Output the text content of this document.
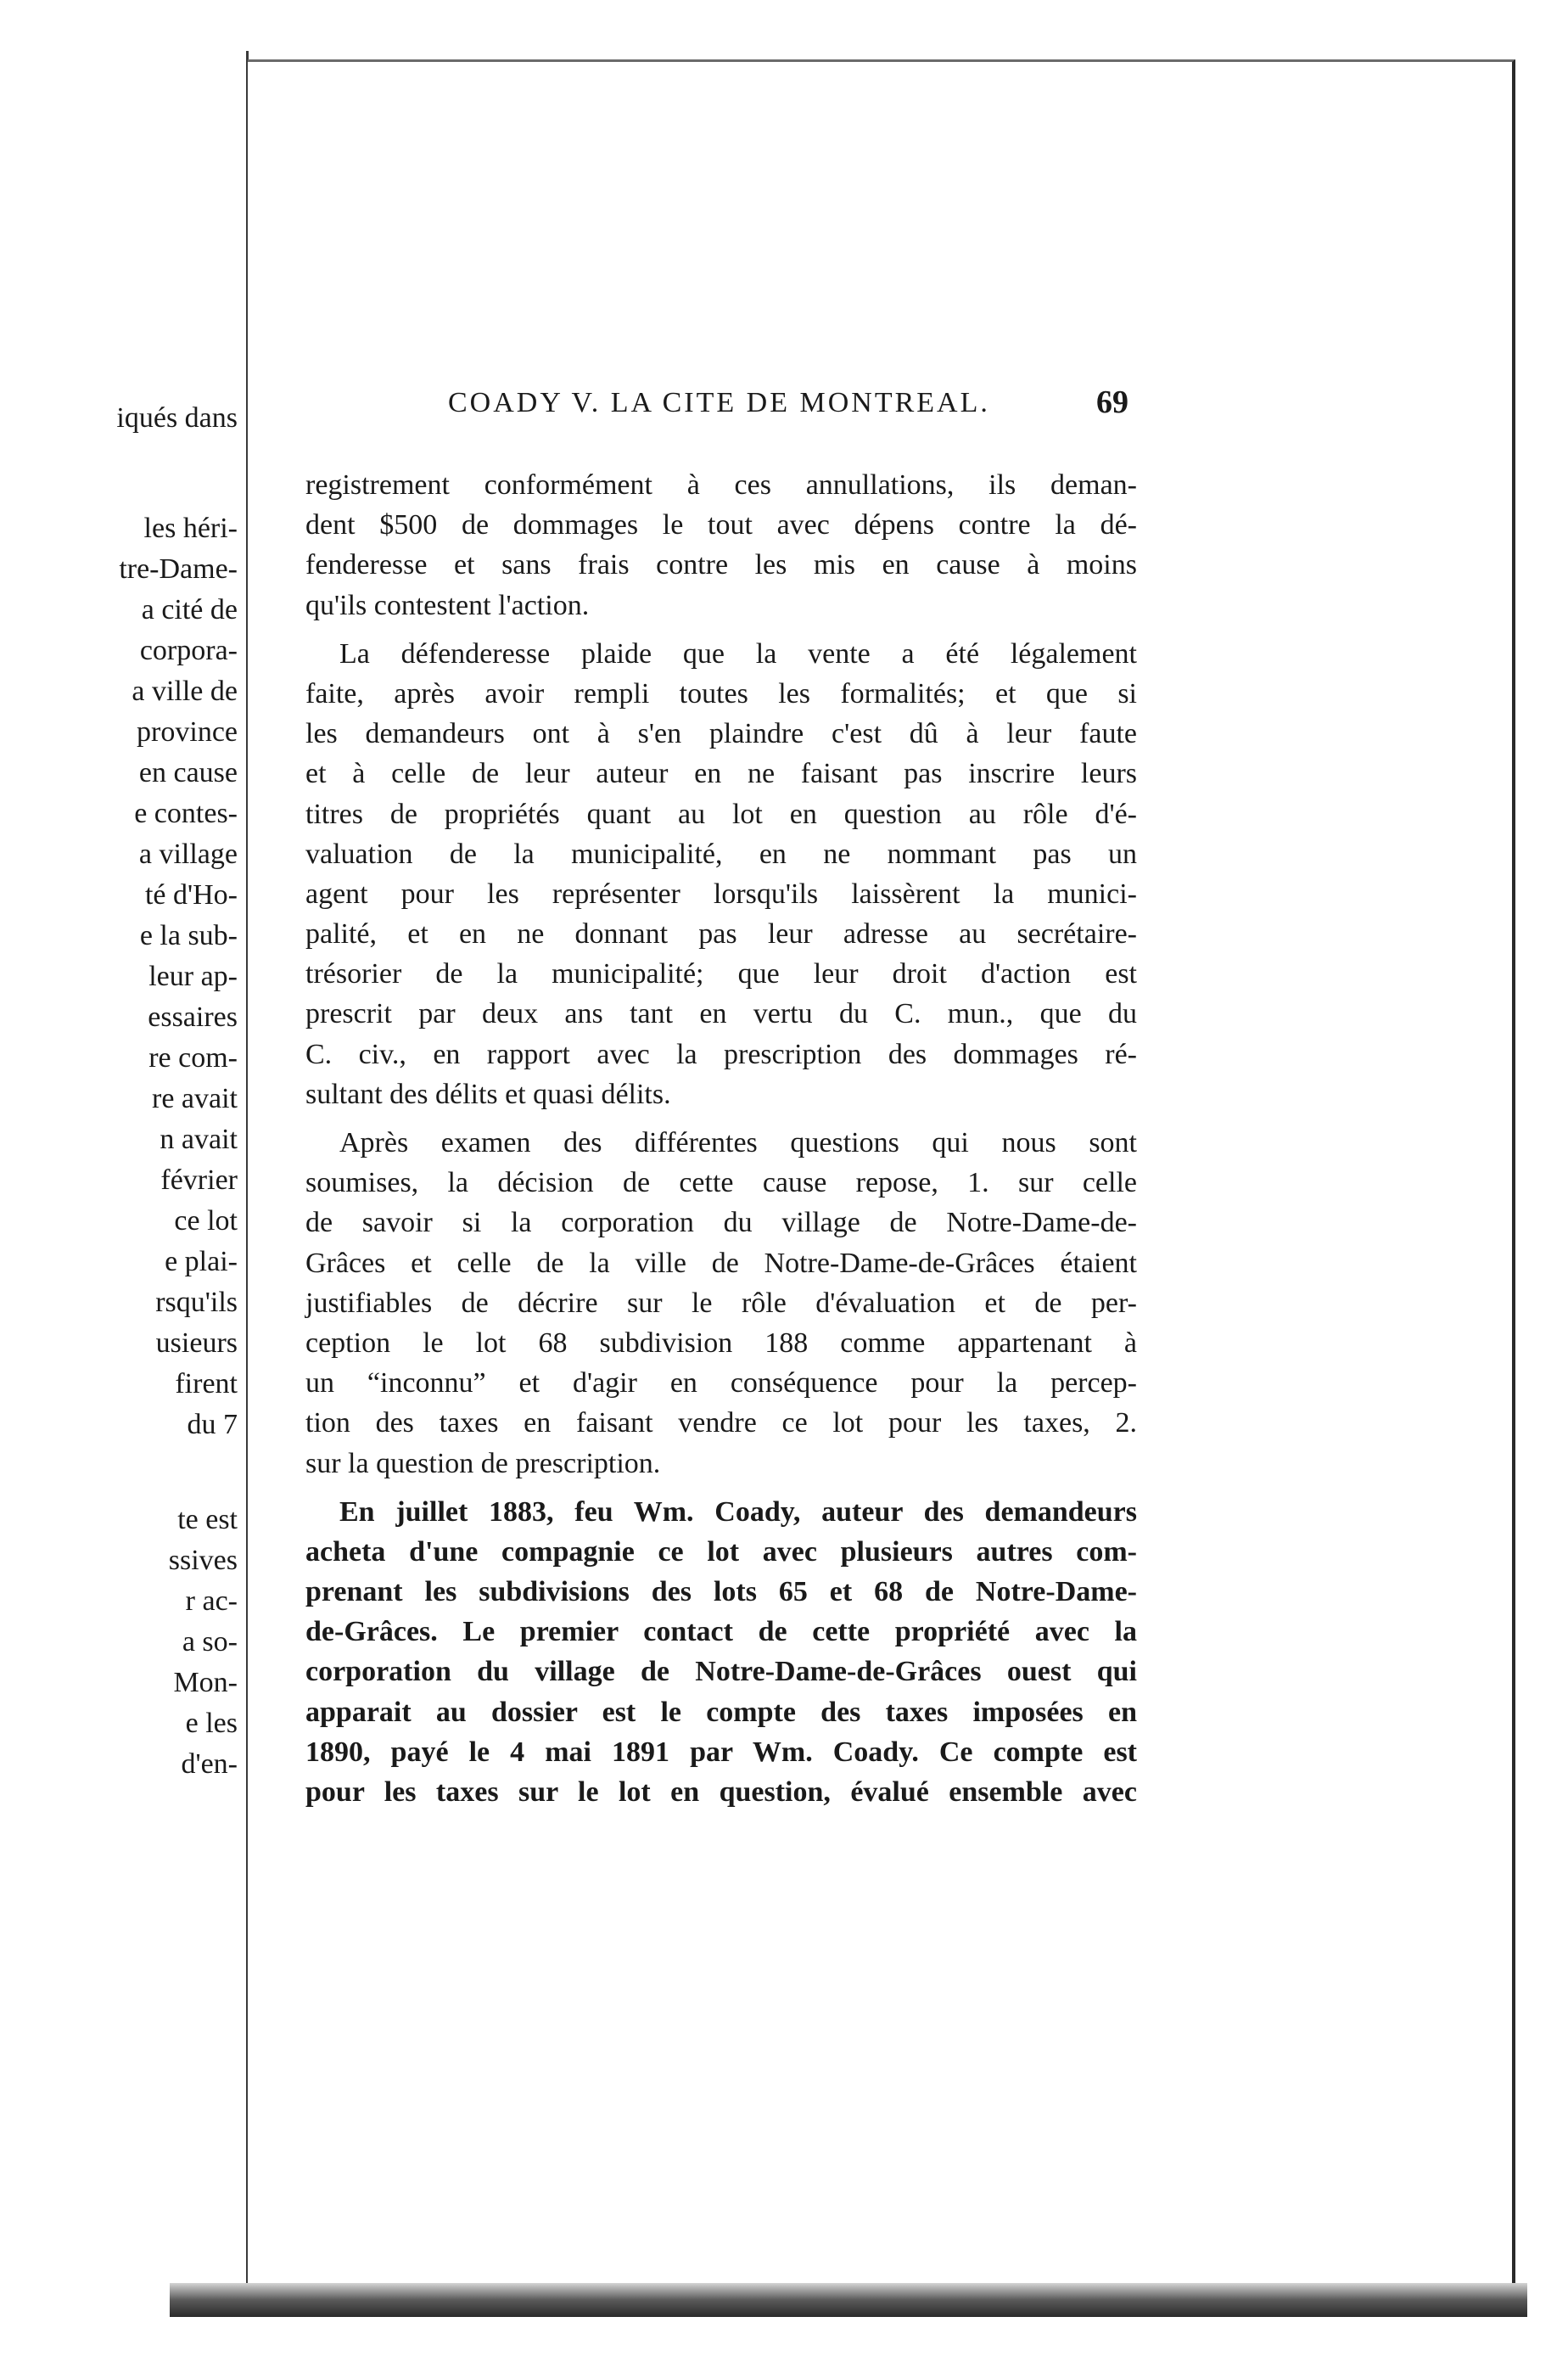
iqués dans
les héri-
tre-Dame-
a cité de
corpora-
a ville de
province
en cause
e contes-
a village
té d'Ho-
e la sub-
leur ap-
essaires
re com-
re avait
n avait
février
ce lot
e plai-
rsqu'ils
usieurs
firent
du 7
te est
ssives
r ac-
a so-
Mon-
e les
d'en-
COADY V. LA CITE DE MONTREAL.	69
registrement conformément à ces annullations, ils deman-
dent $500 de dommages le tout avec dépens contre la dé-
fenderesse et sans frais contre les mis en cause à moins
qu'ils contestent l'action.
La défenderesse plaide que la vente a été légalement
faite, après avoir rempli toutes les formalités; et que si
les demandeurs ont à s'en plaindre c'est dû à leur faute
et à celle de leur auteur en ne faisant pas inscrire leurs
titres de propriétés quant au lot en question au rôle d'é-
valuation de la municipalité, en ne nommant pas un
agent pour les représenter lorsqu'ils laissèrent la munici-
palité, et en ne donnant pas leur adresse au secrétaire-
trésorier de la municipalité; que leur droit d'action est
prescrit par deux ans tant en vertu du C. mun., que du
C. civ., en rapport avec la prescription des dommages ré-
sultant des délits et quasi délits.
Après examen des différentes questions qui nous sont
soumises, la décision de cette cause repose, 1. sur celle
de savoir si la corporation du village de Notre-Dame-de-
Grâces et celle de la ville de Notre-Dame-de-Grâces étaient
justifiables de décrire sur le rôle d'évaluation et de per-
ception le lot 68 subdivision 188 comme appartenant à
un “inconnu” et d'agir en conséquence pour la percep-
tion des taxes en faisant vendre ce lot pour les taxes, 2.
sur la question de prescription.
En juillet 1883, feu Wm. Coady, auteur des demandeurs
acheta d'une compagnie ce lot avec plusieurs autres com-
prenant les subdivisions des lots 65 et 68 de Notre-Dame-
de-Grâces. Le premier contact de cette propriété avec la
corporation du village de Notre-Dame-de-Grâces ouest qui
apparait au dossier est le compte des taxes imposées en
1890, payé le 4 mai 1891 par Wm. Coady. Ce compte est
pour les taxes sur le lot en question, évalué ensemble avec
